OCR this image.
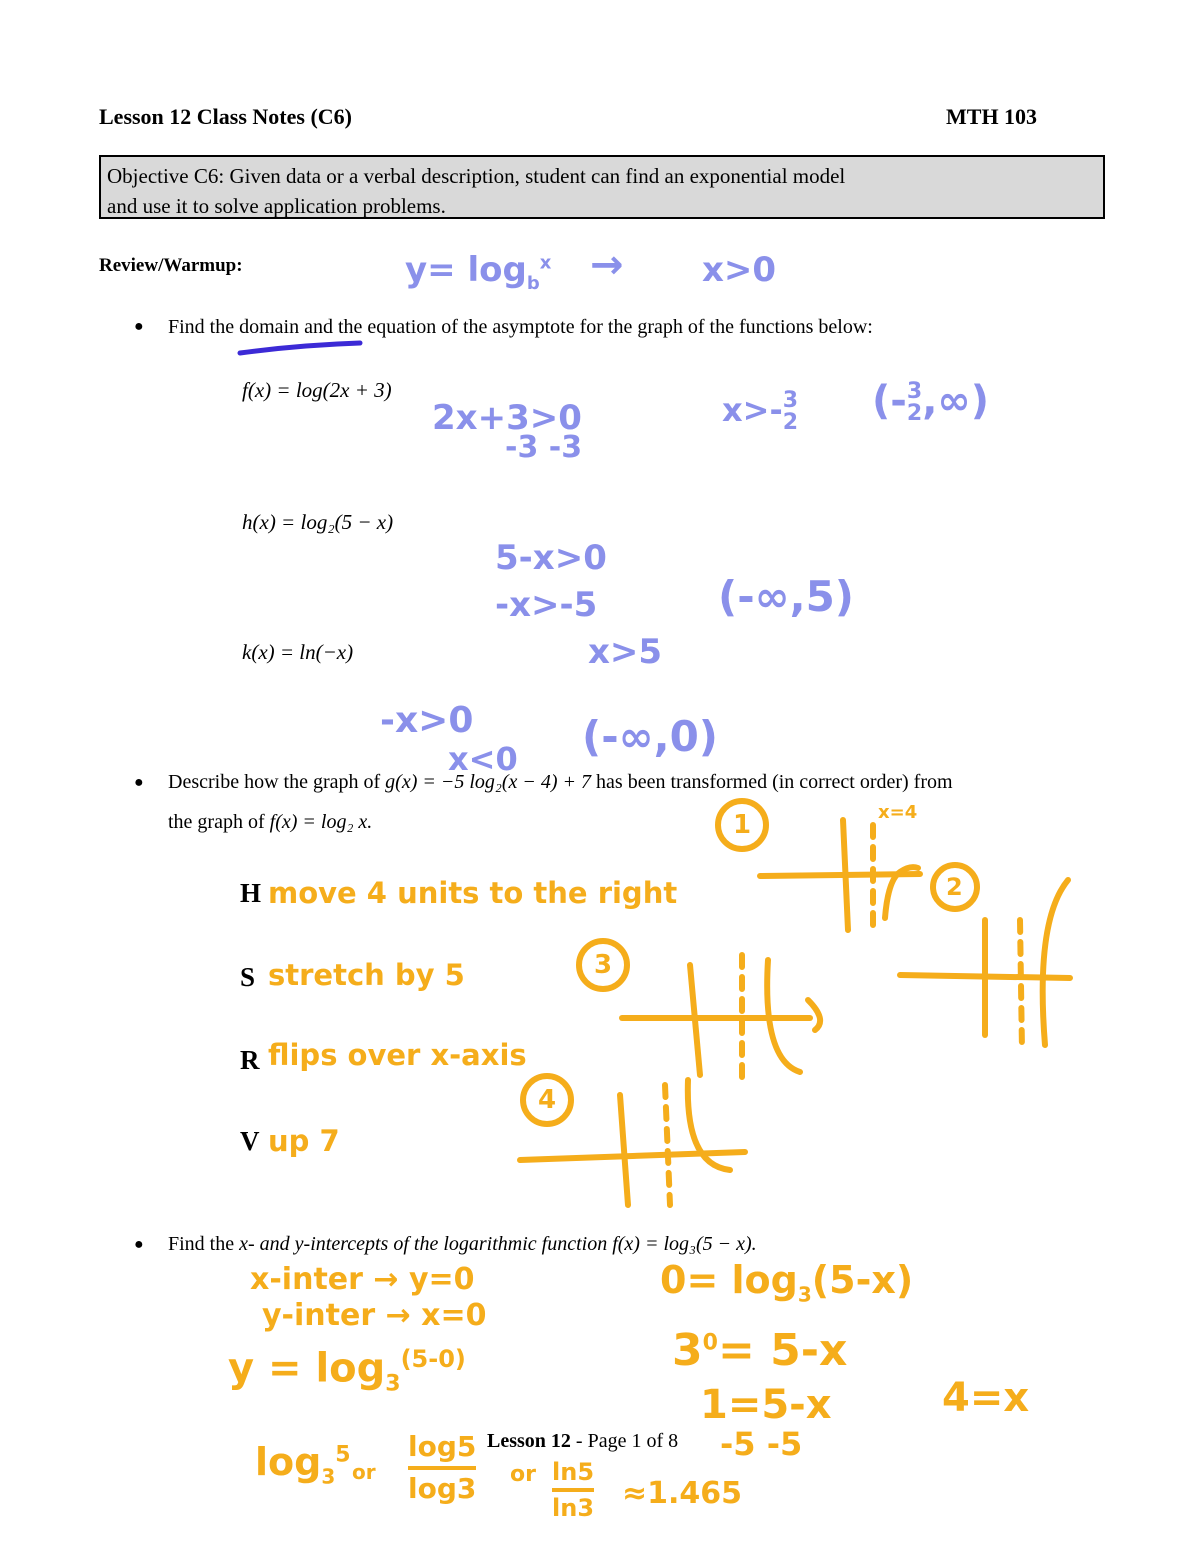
Lesson 12 Class Notes (C6)	MTH 103
Objective C6: Given data or a verbal description, student can find an exponential model
and use it to solve application problems.
Review/Warmup:
● Find the domain and the equation of the asymptote for the graph of the functions below:
f(x) = log(2x + 3)
h(x) = log₂(5 − x)
k(x) = ln(−x)
● Describe how the graph of g(x) = −5 log₂(x − 4) + 7 has been transformed (in correct order) from
the graph of f(x) = log₂ x.
H
S
R
V
● Find the x- and y-intercepts of the logarithmic function f(x) = log₃(5 − x).
Lesson 12 - Page 1 of 8
$y= \log_b^x \to x>0$
2x+3>0
-3 -3
x>-3
2 (-3
2,∞)
5-x>0
-x>-5
x>5
(-∞,5)
-x>0
x<0 (-∞,0)
1
2
3
4
x=4
move 4 units to the right
stretch by 5
flips over x-axis
up 7
x-inter → y=0
y-inter → x=0
$y = \log_3^{(5-0)}$
$0= \log_3(5-x)$
$3^0= 5-x$
1=5-x
-5 -5
4=x
$\log_3^5$
or $\frac{\log 5}{\log 3}$ or $\frac{\ln 5}{\ln 3} \approx 1.465$
